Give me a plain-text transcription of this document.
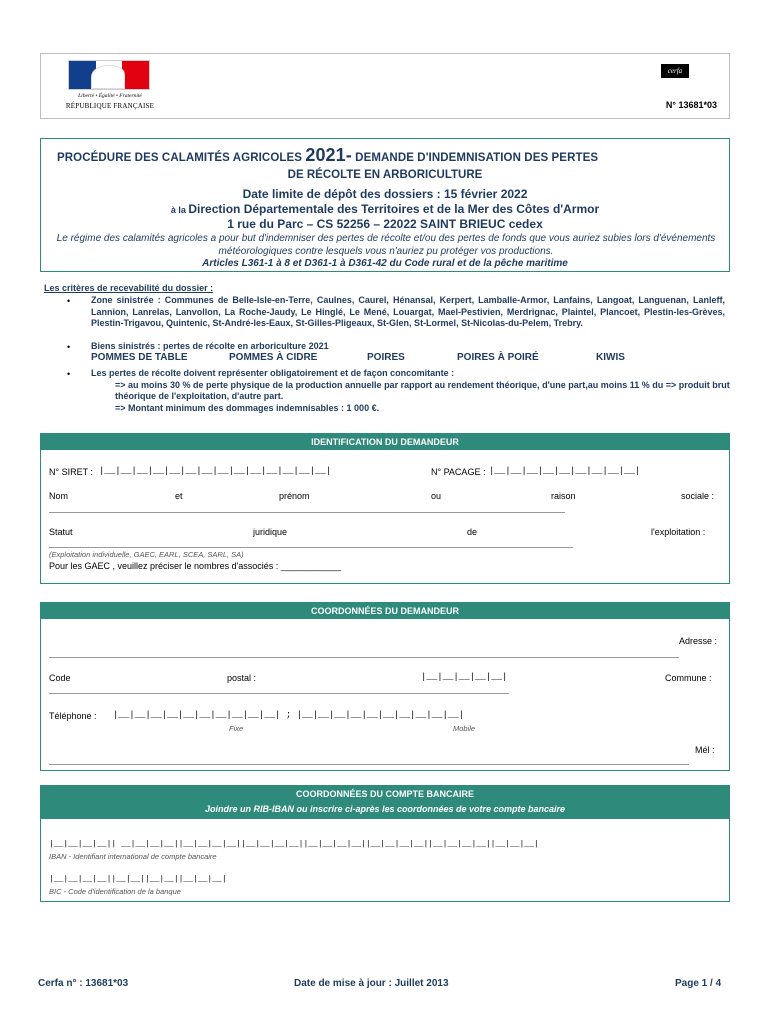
Liberté • Égalité • Fraternité
RÉPUBLIQUE FRANÇAISE
cerfa
N° 13681*03
PROCÉDURE DES CALAMITÉS AGRICOLES 2021- DEMANDE D'INDEMNISATION DES PERTES
DE RÉCOLTE EN ARBORICULTURE
Date limite de dépôt des dossiers : 15 février 2022
à la Direction Départementale des Territoires et de la Mer des Côtes d'Armor
1 rue du Parc – CS 52256 – 22022 SAINT BRIEUC cedex
Le régime des calamités agricoles a pour but d'indemniser des pertes de récolte et/ou des pertes de fonds que vous auriez subies lors d'événements météorologiques contre lesquels vous n'auriez pu protéger vos productions.
Articles L361-1 à 8 et D361-1 à D361-42 du Code rural et de la pêche maritime
Les critères de recevabilité du dossier :
• Zone sinistrée : Communes de Belle-Isle-en-Terre, Caulnes, Caurel, Hénansal, Kerpert, Lamballe-Armor, Lanfains, Langoat, Languenan, Lanleff, Lannion, Lanrelas, Lanvollon, La Roche-Jaudy, Le Hinglé, Le Mené, Louargat, Mael-Pestivien, Merdrignac, Plaintel, Plancoet, Plestin-les-Grèves, Plestin-Trigavou, Quintenic, St-André-les-Eaux, St-Gilles-Pligeaux, St-Glen, St-Lormel, St-Nicolas-du-Pelem, Trebry.
• Biens sinistrés : pertes de récolte en arboriculture 2021
POMMES DE TABLE	POMMES À CIDRE	POIRES	POIRES À POIRÉ	KIWIS
• Les pertes de récolte doivent représenter obligatoirement et de façon concomitante :
=> au moins 30 % de perte physique de la production annuelle par rapport au rendement théorique, d'une part,au moins 11 % du => produit brut théorique de l'exploitation, d'autre part.
=> Montant minimum des dommages indemnisables : 1 000 €.
IDENTIFICATION DU DEMANDEUR
N° SIRET : |__|__|__|__|__|__|__|__|__|__|__|__|__|__|	N° PACAGE : |__|__|__|__|__|__|__|__|__|
Nom	et	prénom	ou	raison	sociale :
Statut	juridique	de	l'exploitation :
(Exploitation individuelle, GAEC, EARL, SCEA, SARL, SA)
Pour les GAEC , veuillez préciser le nombres d'associés : ____________
COORDONNÉES DU DEMANDEUR
Adresse :
Code	postal :	|__|__|__|__|__|	Commune :
Téléphone : |__|__|__|__|__|__|__|__|__|__| ; |__|__|__|__|__|__|__|__|__|__|
Fixe	Mobile
Mél :
COORDONNÉES DU COMPTE BANCAIRE
Joindre un RIB-IBAN ou inscrire ci-après les coordonnées de votre compte bancaire
|__|__|__|__|| __|__|__|__||__|__|__|__||__|__|__|__||__|__|__|__||__|__|__|__||__|__|__|__||__|__|__|
IBAN - Identifiant international de compte bancaire
|__|__|__|__||__|__||__|__||__|__|__|
BIC - Code d'identification de la banque
Cerfa n° : 13681*03	Date de mise à jour : Juillet 2013	Page 1 / 4
